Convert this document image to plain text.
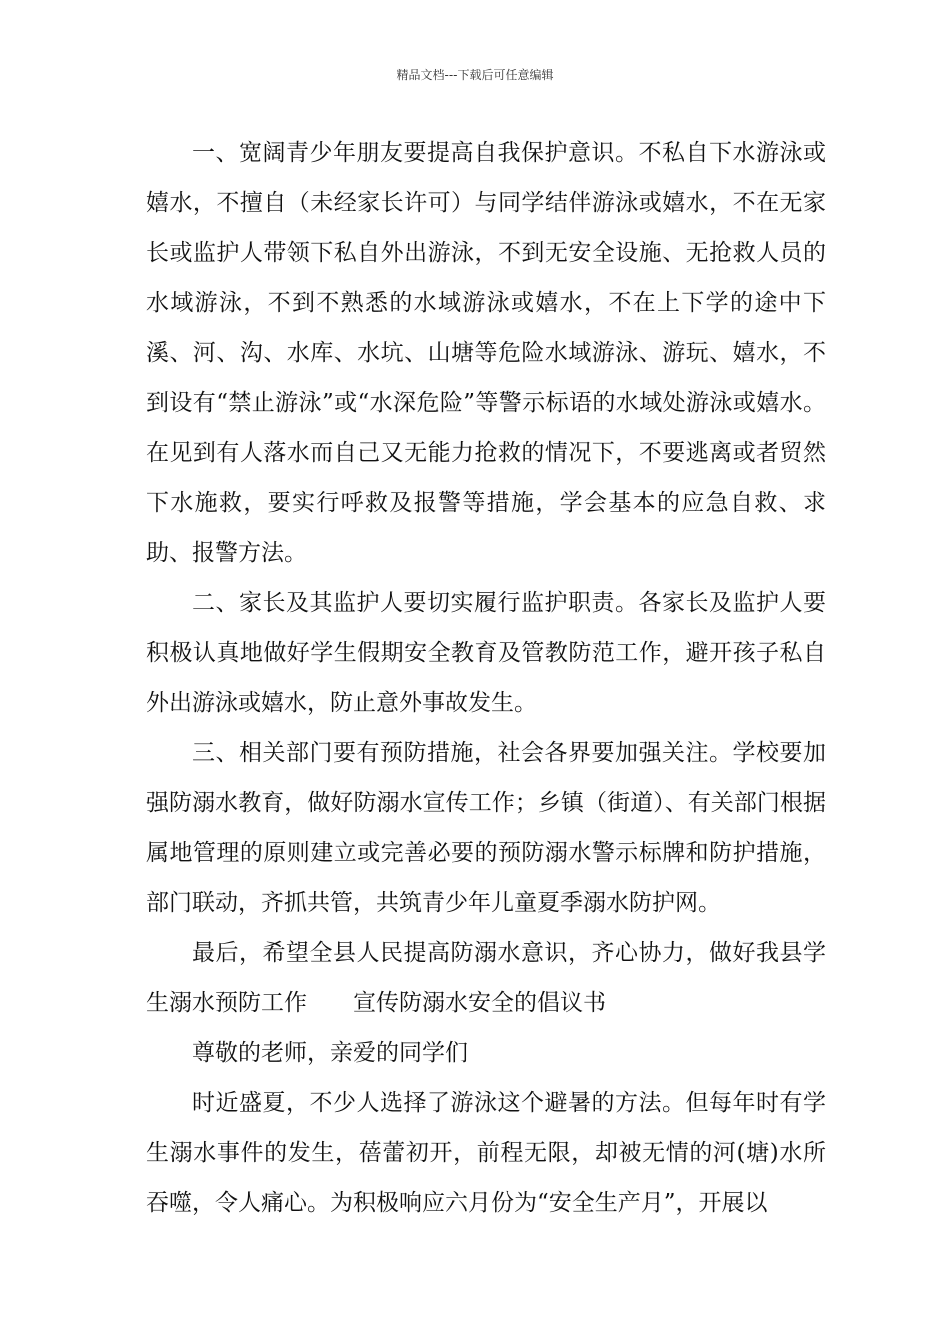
精品文档---下载后可任意编辑

一、宽阔青少年朋友要提高自我保护意识。不私自下水游泳或嬉水，不擅自（未经家长许可）与同学结伴游泳或嬉水，不在无家长或监护人带领下私自外出游泳，不到无安全设施、无抢救人员的水域游泳，不到不熟悉的水域游泳或嬉水，不在上下学的途中下溪、河、沟、水库、水坑、山塘等危险水域游泳、游玩、嬉水，不到设有“禁止游泳”或“水深危险”等警示标语的水域处游泳或嬉水。在见到有人落水而自己又无能力抢救的情况下，不要逃离或者贸然下水施救，要实行呼救及报警等措施，学会基本的应急自救、求助、报警方法。

二、家长及其监护人要切实履行监护职责。各家长及监护人要积极认真地做好学生假期安全教育及管教防范工作，避开孩子私自外出游泳或嬉水，防止意外事故发生。

三、相关部门要有预防措施，社会各界要加强关注。学校要加强防溺水教育，做好防溺水宣传工作；乡镇（街道）、有关部门根据属地管理的原则建立或完善必要的预防溺水警示标牌和防护措施，部门联动，齐抓共管，共筑青少年儿童夏季溺水防护网。

最后，希望全县人民提高防溺水意识，齐心协力，做好我县学生溺水预防工作　　宣传防溺水安全的倡议书

尊敬的老师，亲爱的同学们

时近盛夏，不少人选择了游泳这个避暑的方法。但每年时有学生溺水事件的发生，蓓蕾初开，前程无限，却被无情的河(塘)水所吞噬，令人痛心。为积极响应六月份为“安全生产月”，开展以
